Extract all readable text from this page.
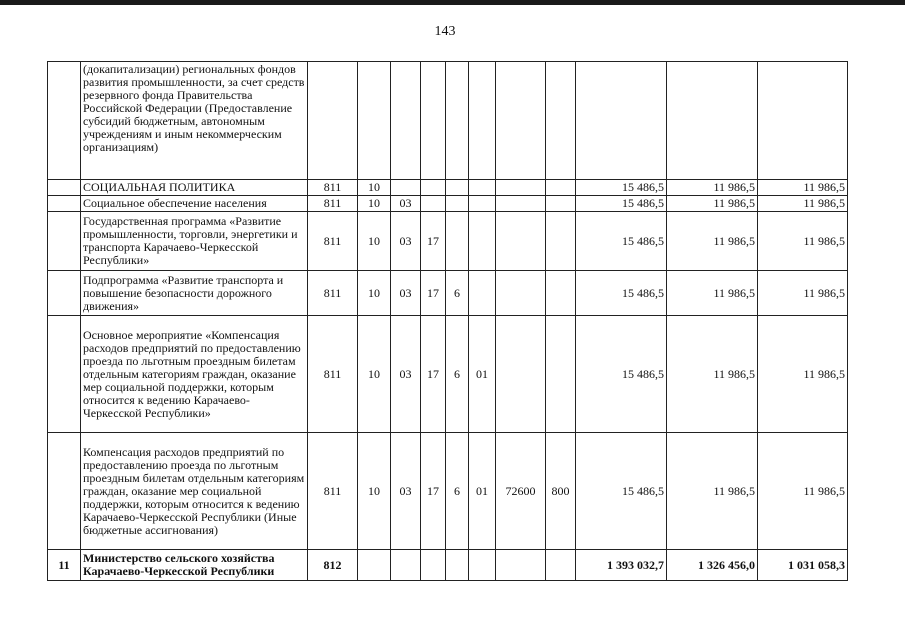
143
	(докапитализации) региональных фондов развития промышленности, за счет средств резервного фонда Правительства Российской Федерации (Предоставление субсидий бюджетным, автономным учреждениям и иным некоммерческим организациям)											
	СОЦИАЛЬНАЯ ПОЛИТИКА	811	10							15 486,5	11 986,5	11 986,5
	Социальное обеспечение населения	811	10	03						15 486,5	11 986,5	11 986,5
	Государственная программа «Развитие промышленности, торговли, энергетики и транспорта Карачаево-Черкесской Республики»	811	10	03	17					15 486,5	11 986,5	11 986,5
	Подпрограмма «Развитие транспорта и повышение безопасности дорожного движения»	811	10	03	17	6				15 486,5	11 986,5	11 986,5
	Основное мероприятие «Компенсация расходов предприятий по предоставлению проезда по льготным проездным билетам отдельным категориям граждан, оказание мер социальной поддержки, которым относится к ведению Карачаево-Черкесской Республики»	811	10	03	17	6	01			15 486,5	11 986,5	11 986,5
	Компенсация расходов предприятий по предоставлению проезда по льготным проездным билетам отдельным категориям граждан, оказание мер социальной поддержки, которым относится к ведению Карачаево-Черкесской Республики (Иные бюджетные ассигнования)	811	10	03	17	6	01	72600	800	15 486,5	11 986,5	11 986,5
11	Министерство сельского хозяйства Карачаево-Черкесской Республики	812								1 393 032,7	1 326 456,0	1 031 058,3
